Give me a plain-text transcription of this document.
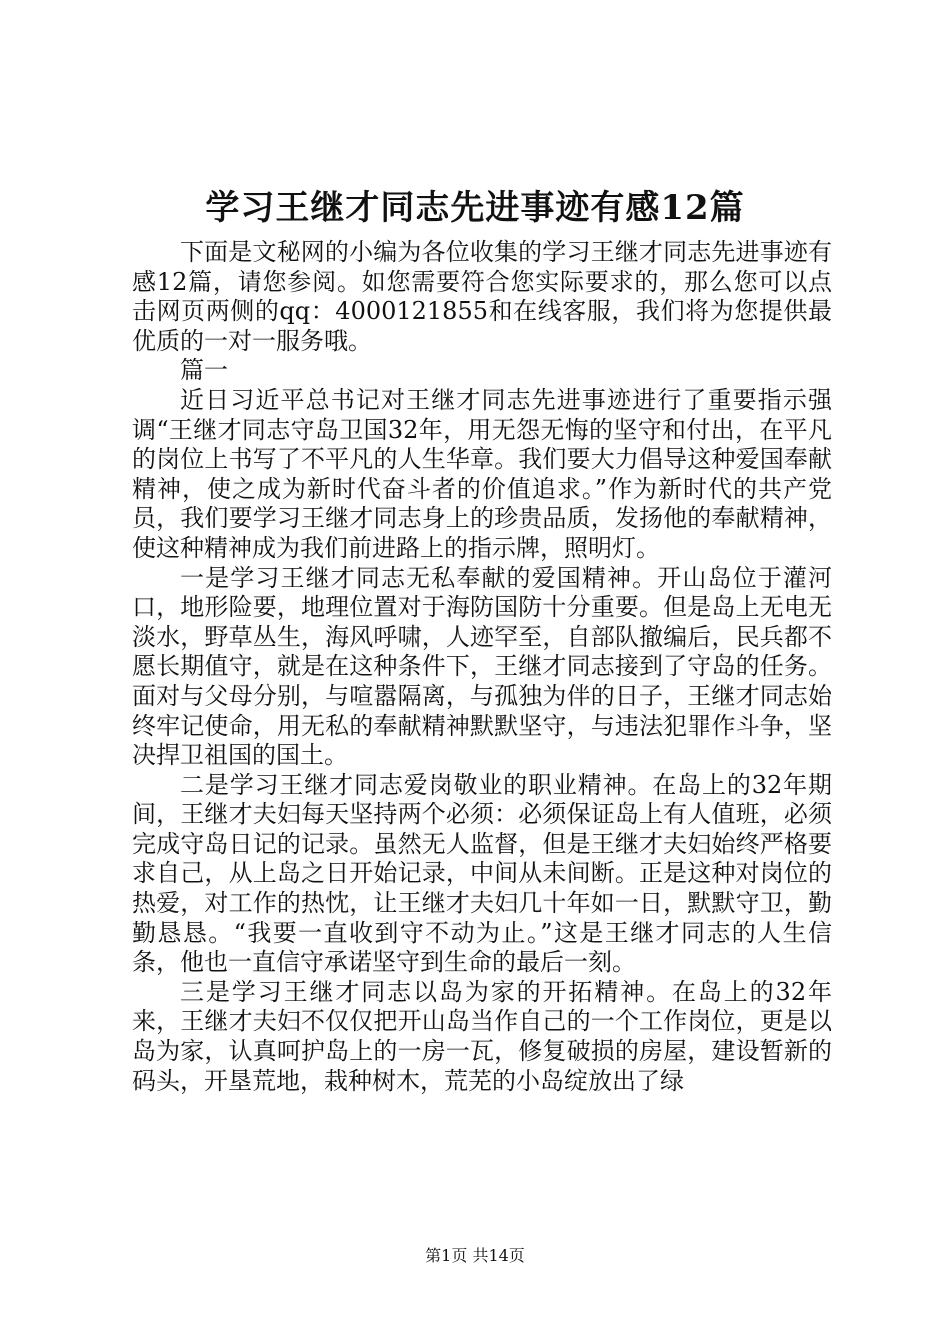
学习王继才同志先进事迹有感12篇

下面是文秘网的小编为各位收集的学习王继才同志先进事迹有感12篇，请您参阅。如您需要符合您实际要求的，那么您可以点击网页两侧的qq：4000121855和在线客服，我们将为您提供最优质的一对一服务哦。

篇一

近日习近平总书记对王继才同志先进事迹进行了重要指示强调“王继才同志守岛卫国32年，用无怨无悔的坚守和付出，在平凡的岗位上书写了不平凡的人生华章。我们要大力倡导这种爱国奉献精神，使之成为新时代奋斗者的价值追求。”作为新时代的共产党员，我们要学习王继才同志身上的珍贵品质，发扬他的奉献精神，使这种精神成为我们前进路上的指示牌，照明灯。

一是学习王继才同志无私奉献的爱国精神。开山岛位于灌河口，地形险要，地理位置对于海防国防十分重要。但是岛上无电无淡水，野草丛生，海风呼啸，人迹罕至，自部队撤编后，民兵都不愿长期值守，就是在这种条件下，王继才同志接到了守岛的任务。面对与父母分别，与喧嚣隔离，与孤独为伴的日子，王继才同志始终牢记使命，用无私的奉献精神默默坚守，与违法犯罪作斗争，坚决捍卫祖国的国土。

二是学习王继才同志爱岗敬业的职业精神。在岛上的32年期间，王继才夫妇每天坚持两个必须：必须保证岛上有人值班，必须完成守岛日记的记录。虽然无人监督，但是王继才夫妇始终严格要求自己，从上岛之日开始记录，中间从未间断。正是这种对岗位的热爱，对工作的热忱，让王继才夫妇几十年如一日，默默守卫，勤勤恳恳。“我要一直收到守不动为止。”这是王继才同志的人生信条，他也一直信守承诺坚守到生命的最后一刻。

三是学习王继才同志以岛为家的开拓精神。在岛上的32年来，王继才夫妇不仅仅把开山岛当作自己的一个工作岗位，更是以岛为家，认真呵护岛上的一房一瓦，修复破损的房屋，建设暂新的码头，开垦荒地，栽种树木，荒芜的小岛绽放出了绿

第1页 共14页
